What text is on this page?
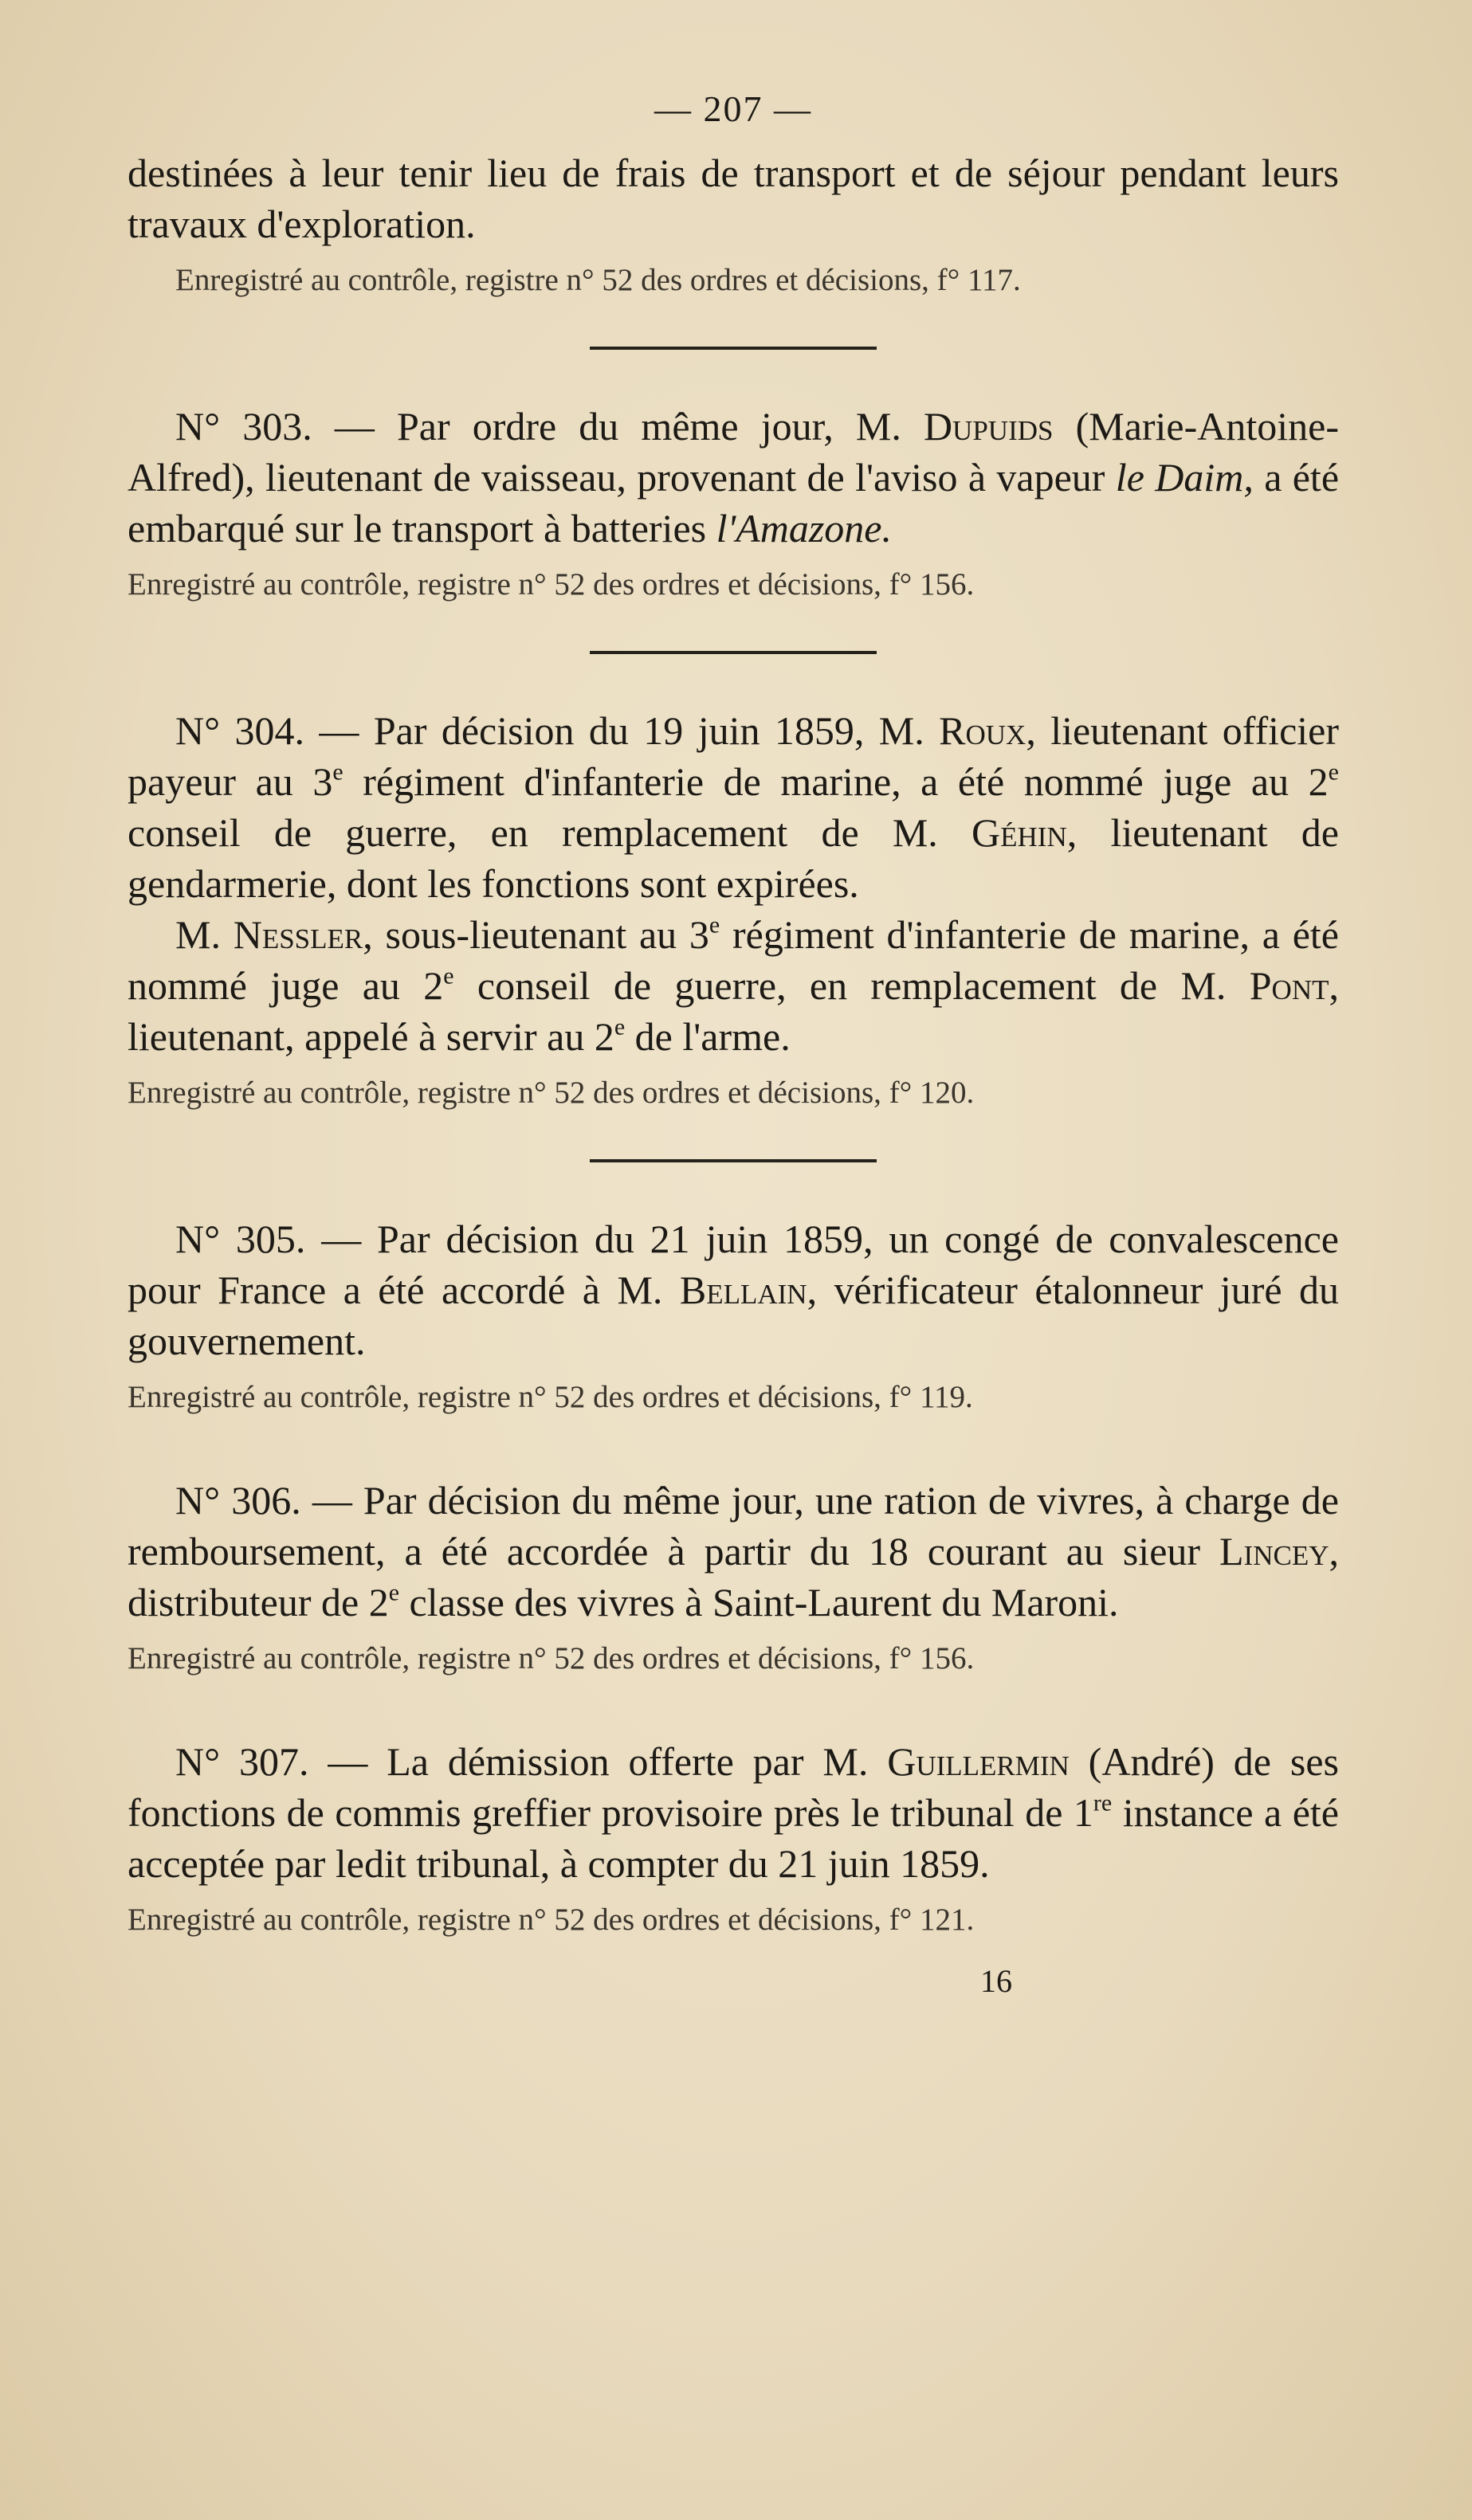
— 207 —

destinées à leur tenir lieu de frais de transport et de séjour pendant leurs travaux d'exploration.

Enregistré au contrôle, registre n° 52 des ordres et décisions, f° 117.

N° 303. — Par ordre du même jour, M. Dupuids (Marie-Antoine-Alfred), lieutenant de vaisseau, provenant de l'aviso à vapeur le Daim, a été embarqué sur le transport à batteries l'Amazone.

Enregistré au contrôle, registre n° 52 des ordres et décisions, f° 156.

N° 304. — Par décision du 19 juin 1859, M. Roux, lieutenant officier payeur au 3e régiment d'infanterie de marine, a été nommé juge au 2e conseil de guerre, en remplacement de M. Géhin, lieutenant de gendarmerie, dont les fonctions sont expirées.

M. Nessler, sous-lieutenant au 3e régiment d'infanterie de marine, a été nommé juge au 2e conseil de guerre, en remplacement de M. Pont, lieutenant, appelé à servir au 2e de l'arme.

Enregistré au contrôle, registre n° 52 des ordres et décisions, f° 120.

N° 305. — Par décision du 21 juin 1859, un congé de convalescence pour France a été accordé à M. Bellain, vérificateur étalonneur juré du gouvernement.

Enregistré au contrôle, registre n° 52 des ordres et décisions, f° 119.

N° 306. — Par décision du même jour, une ration de vivres, à charge de remboursement, a été accordée à partir du 18 courant au sieur Lincey, distributeur de 2e classe des vivres à Saint-Laurent du Maroni.

Enregistré au contrôle, registre n° 52 des ordres et décisions, f° 156.

N° 307. — La démission offerte par M. Guillermin (André) de ses fonctions de commis greffier provisoire près le tribunal de 1re instance a été acceptée par ledit tribunal, à compter du 21 juin 1859.

Enregistré au contrôle, registre n° 52 des ordres et décisions, f° 121.

16
